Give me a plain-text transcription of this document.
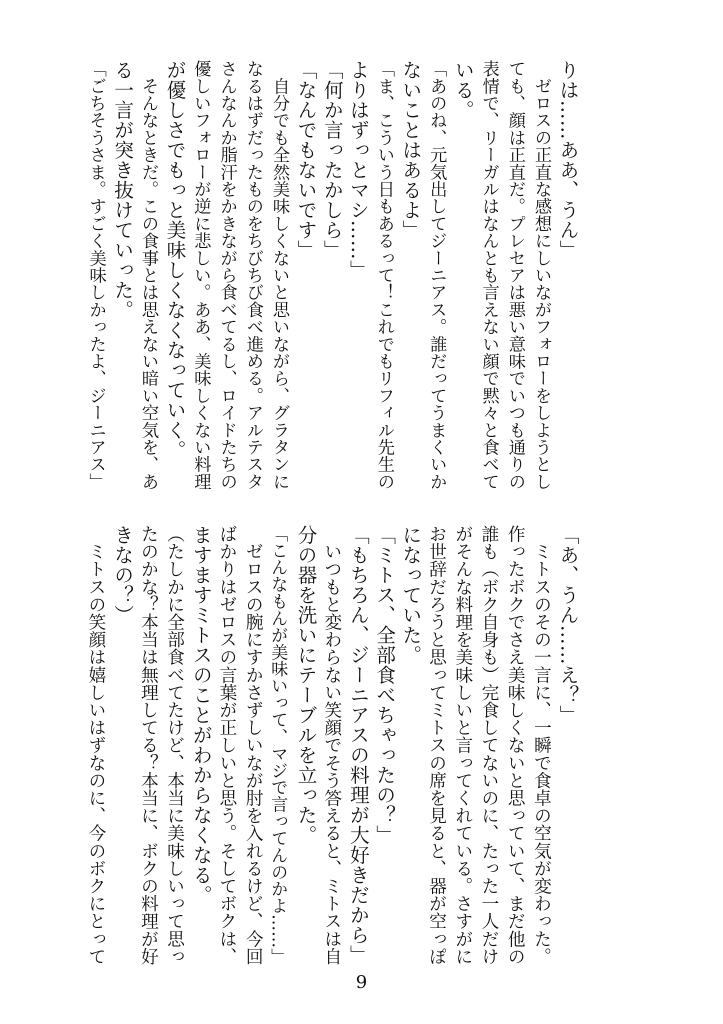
りは……ああ、うん」
　ゼロスの正直な感想にしいながフォローをしようとし
ても、顔は正直だ。プレセアは悪い意味でいつも通りの
表情で、リーガルはなんとも言えない顔で黙々と食べて
いる。
「あのね、元気出してジーニアス。誰だってうまくいか
ないことはあるよ」
「ま、こういう日もあるって！これでもリフィル先生の
よりはずっとマシ……」
「何か言ったかしら」
「なんでもないです」
　自分でも全然美味しくないと思いながら、グラタンに
なるはずだったものをちびちび食べ進める。アルテスタ
さんなんか脂汗をかきながら食べてるし、ロイドたちの
優しいフォローが逆に悲しい。ああ、美味しくない料理
が優しさでもっと美味しくなくなっていく。
　そんなときだ。この食事とは思えない暗い空気を、あ
る一言が突き抜けていった。
「ごちそうさま。すごく美味しかったよ、ジーニアス」
「あ、うん……え？」
　ミトスのその一言に、一瞬で食卓の空気が変わった。
作ったボクでさえ美味しくないと思っていて、まだ他の
誰も（ボク自身も）完食してないのに、たった一人だけ
がそんな料理を美味しいと言ってくれている。さすがに
お世辞だろうと思ってミトスの席を見ると、器が空っぽ
になっていた。
「ミトス、全部食べちゃったの？」
「もちろん、ジーニアスの料理が大好きだから」
　いつもと変わらない笑顔でそう答えると、ミトスは自
分の器を洗いにテーブルを立った。
「こんなもんが美味いって、マジで言ってんのかよ……」
　ゼロスの腕にすかさずしいなが肘を入れるけど、今回
ばかりはゼロスの言葉が正しいと思う。そしてボクは、
ますますミトスのことがわからなくなる。
（たしかに全部食べてたけど、本当に美味しいって思っ
たのかな？本当は無理してる？本当に、ボクの料理が好
きなの？）
　ミトスの笑顔は嬉しいはずなのに、今のボクにとって
9
